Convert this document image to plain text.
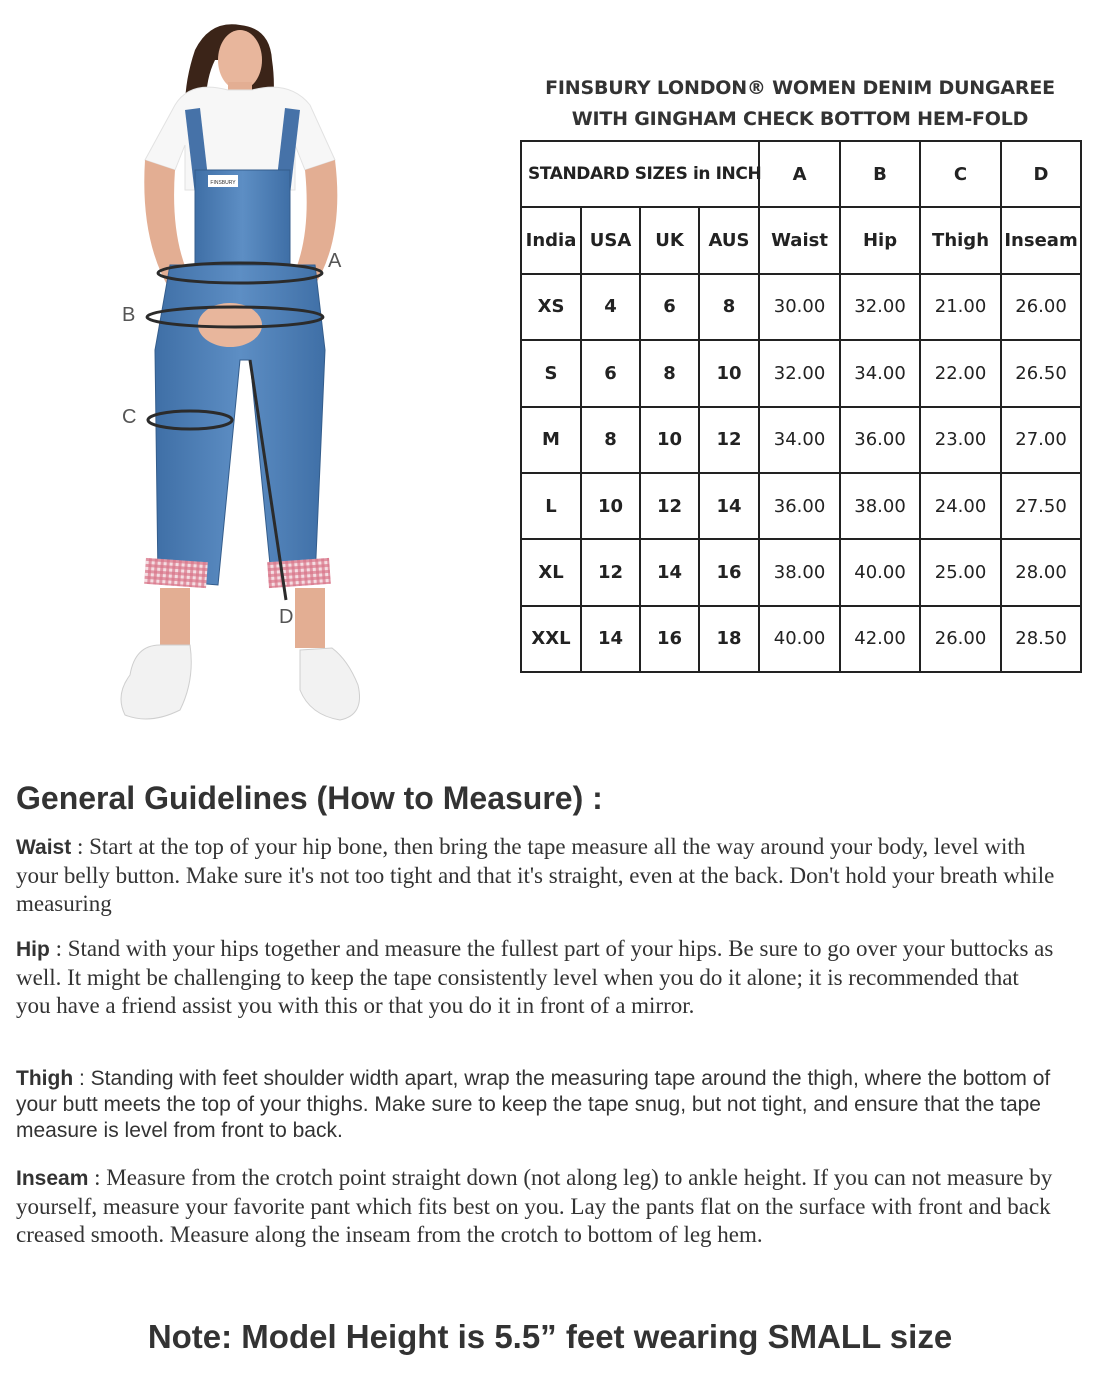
FINSBURY
A
B
C
D
FINSBURY LONDON® WOMEN DENIM DUNGAREE
WITH GINGHAM CHECK BOTTOM HEM-FOLD
STANDARD SIZES in INCH				A	B	C	D
India	USA	UK	AUS	Waist	Hip	Thigh	Inseam
XS	4	6	8	30.00	32.00	21.00	26.00
S	6	8	10	32.00	34.00	22.00	26.50
M	8	10	12	34.00	36.00	23.00	27.00
L	10	12	14	36.00	38.00	24.00	27.50
XL	12	14	16	38.00	40.00	25.00	28.00
XXL	14	16	18	40.00	42.00	26.00	28.50
General Guidelines (How to Measure) :

Waist : Start at the top of your hip bone, then bring the tape measure all the way around your body, level with your belly button. Make sure it's not too tight and that it's straight, even at the back. Don't hold your breath while measuring

Hip : Stand with your hips together and measure the fullest part of your hips. Be sure to go over your buttocks as well. It might be challenging to keep the tape consistently level when you do it alone; it is recommended that you have a friend assist you with this or that you do it in front of a mirror.

Thigh : Standing with feet shoulder width apart, wrap the measuring tape around the thigh, where the bottom of your butt meets the top of your thighs. Make sure to keep the tape snug, but not tight, and ensure that the tape measure is level from front to back.

Inseam : Measure from the crotch point straight down (not along leg) to ankle height. If you can not measure by yourself, measure your favorite pant which fits best on you. Lay the pants flat on the surface with front and back creased smooth. Measure along the inseam from the crotch to bottom of leg hem.

Note: Model Height is 5.5” feet wearing SMALL size
